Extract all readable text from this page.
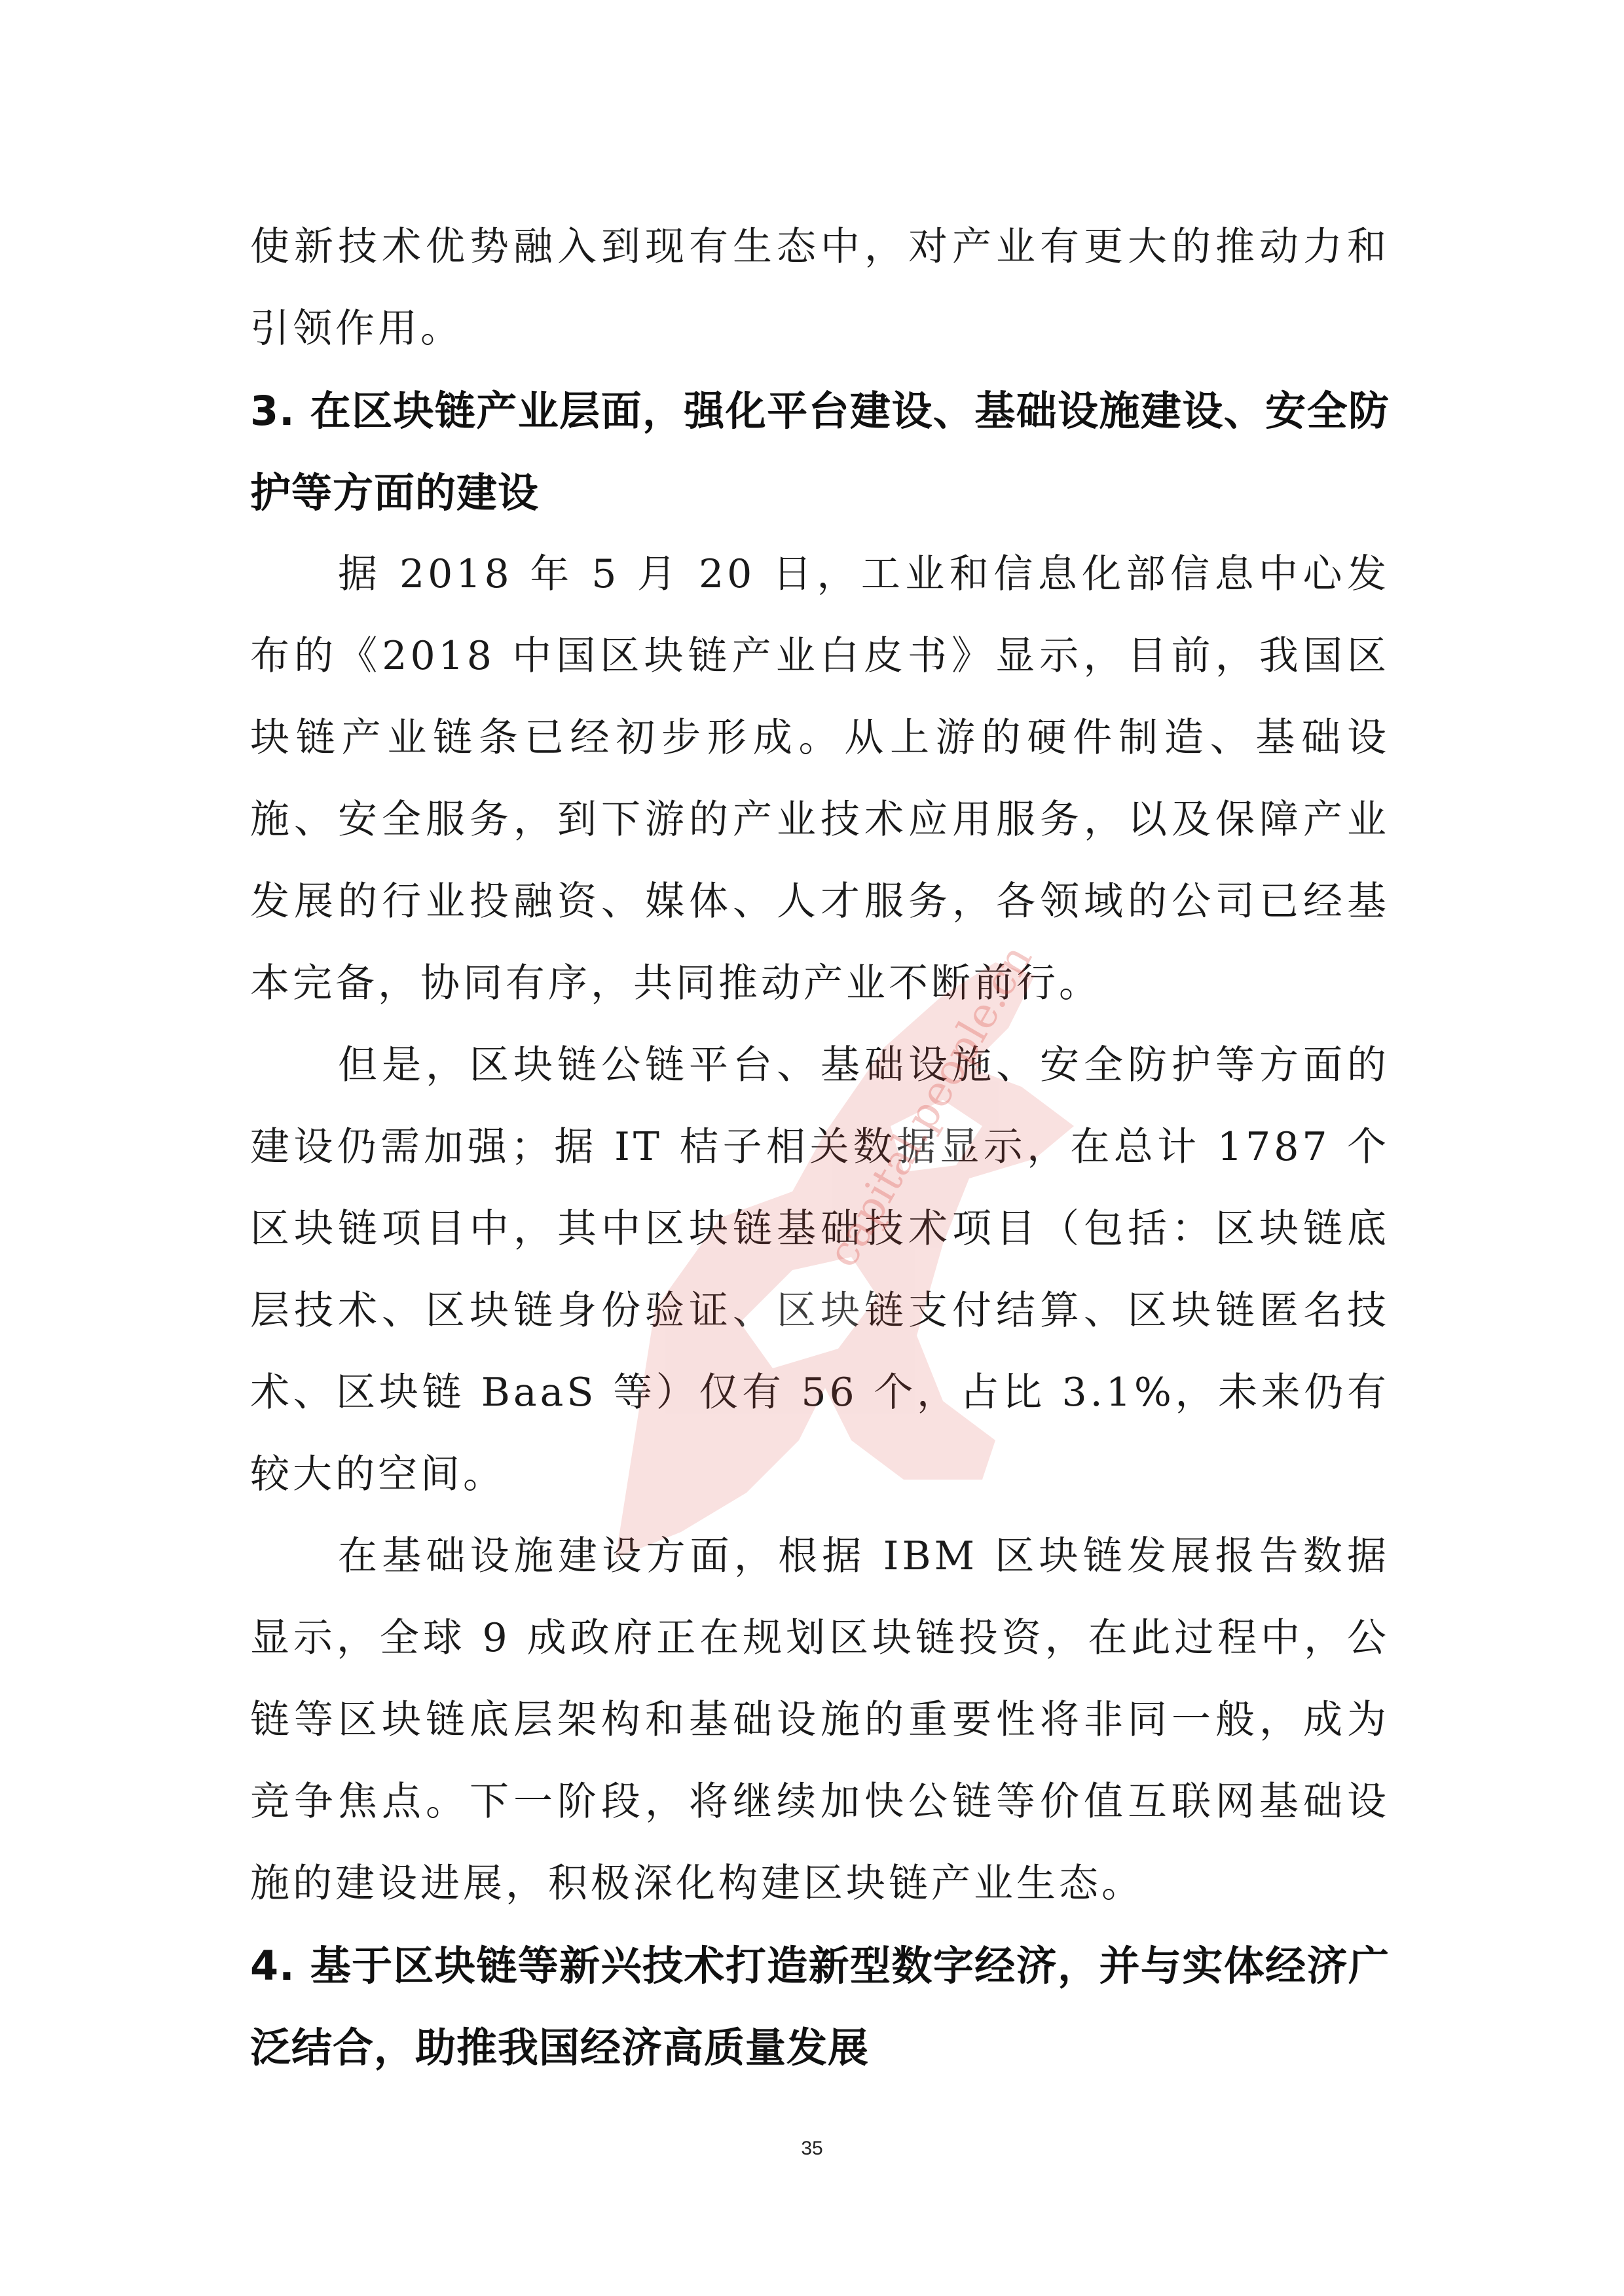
使新技术优势融入到现有生态中，对产业有更大的推动力和引领作用。

3. 在区块链产业层面，强化平台建设、基础设施建设、安全防护等方面的建设

据 2018 年 5 月 20 日，工业和信息化部信息中心发布的《2018 中国区块链产业白皮书》显示，目前，我国区块链产业链条已经初步形成。从上游的硬件制造、基础设施、安全服务，到下游的产业技术应用服务，以及保障产业发展的行业投融资、媒体、人才服务，各领域的公司已经基本完备，协同有序，共同推动产业不断前行。

但是，区块链公链平台、基础设施、安全防护等方面的建设仍需加强；据 IT 桔子相关数据显示，在总计 1787 个区块链项目中，其中区块链基础技术项目（包括：区块链底层技术、区块链身份验证、区块链支付结算、区块链匿名技术、区块链 BaaS 等）仅有 56 个，占比 3.1%，未来仍有较大的空间。

在基础设施建设方面，根据 IBM 区块链发展报告数据显示，全球 9 成政府正在规划区块链投资，在此过程中，公链等区块链底层架构和基础设施的重要性将非同一般，成为竞争焦点。下一阶段，将继续加快公链等价值互联网基础设施的建设进展，积极深化构建区块链产业生态。

4. 基于区块链等新兴技术打造新型数字经济，并与实体经济广泛结合，助推我国经济高质量发展
capital.people.cn
35
